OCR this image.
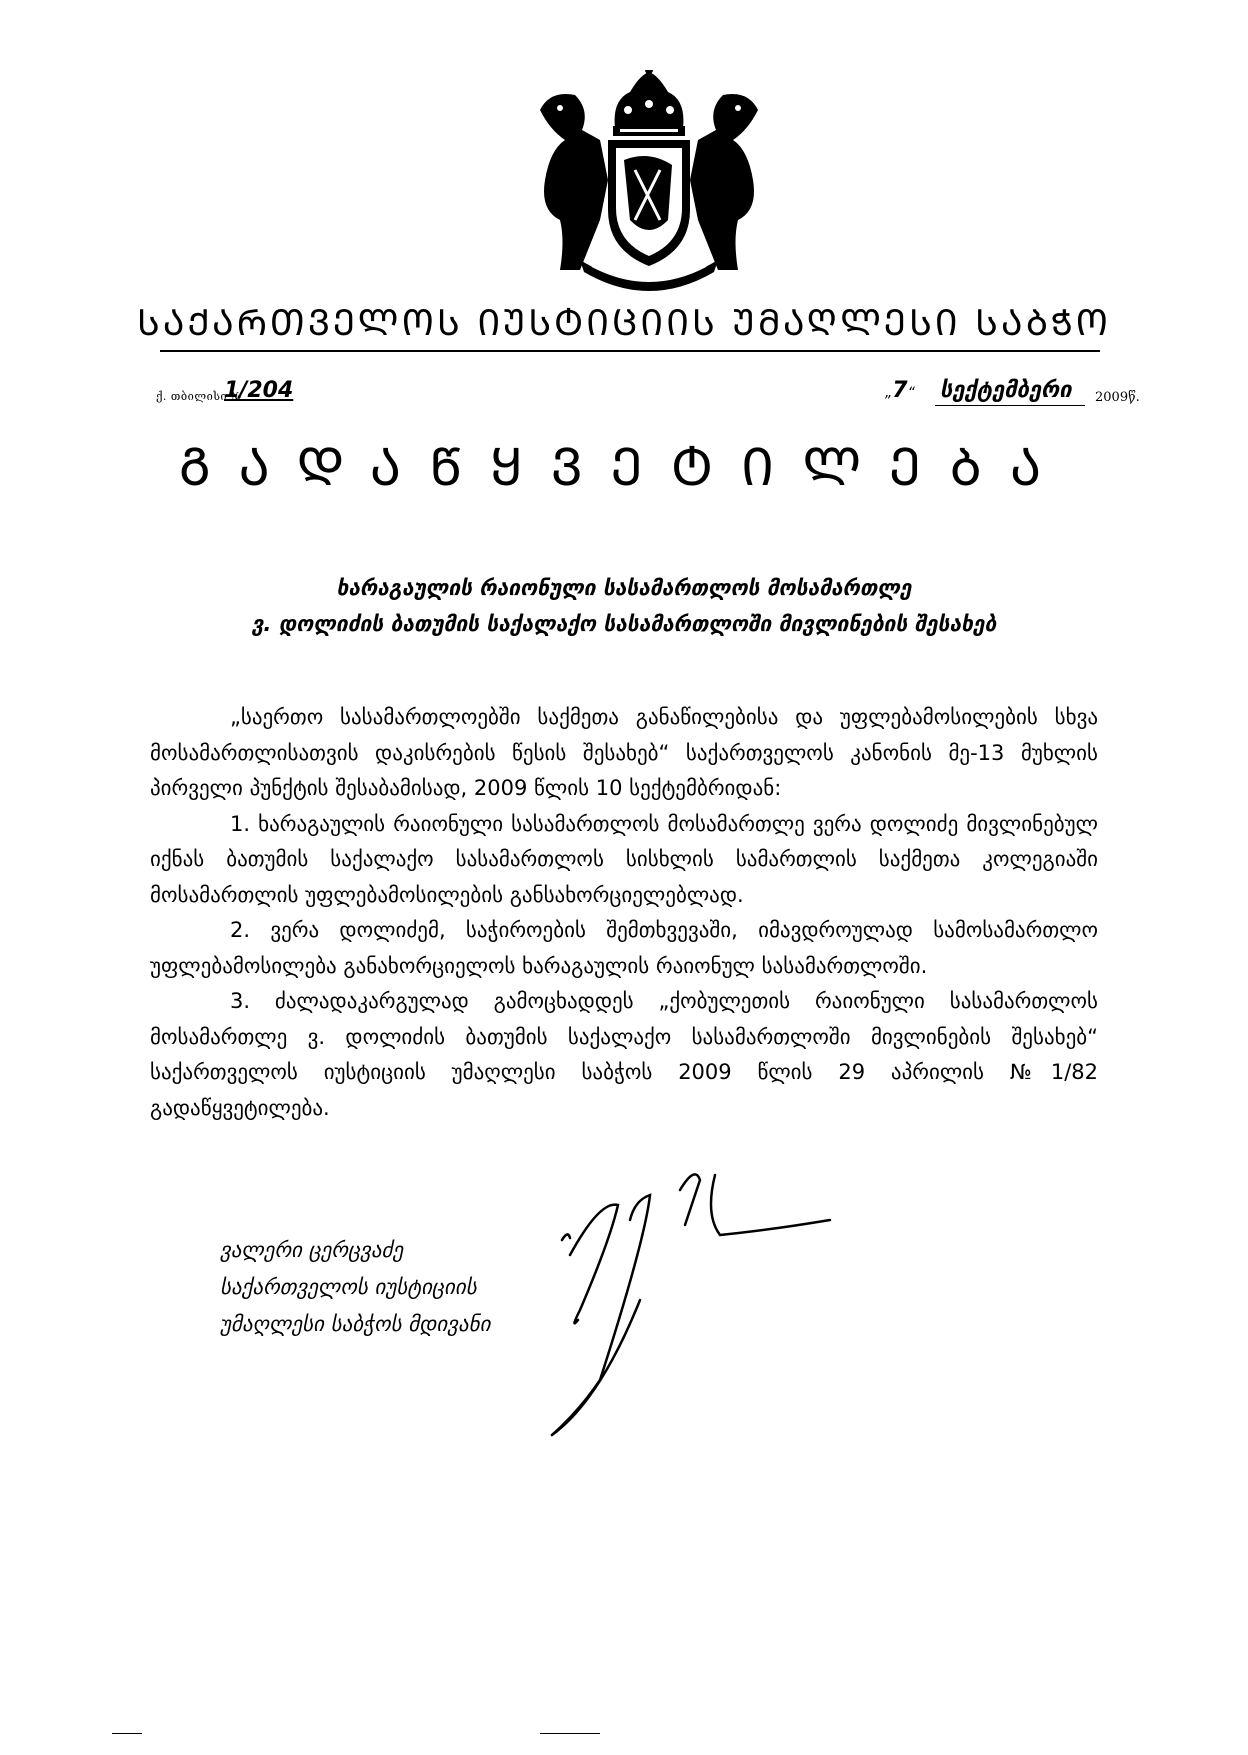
ᲡᲐᲥᲐᲠᲗᲕᲔᲚᲝᲡ ᲘᲣᲡᲢᲘᲪᲘᲘᲡ ᲣᲛᲐᲦᲚᲔᲡᲘ ᲡᲐᲑᲭᲝ
ქ. თბილისი №
1/204
„	7 “	სექტემბერი 2009წ.
ᲒᲐᲓᲐᲬᲧᲕᲔᲢᲘᲚᲔᲑᲐ
ხარაგაულის რაიონული სასამართლოს მოსამართლე
ვ. დოლიძის ბათუმის საქალაქო სასამართლოში მივლინების შესახებ

„საერთო სასამართლოებში საქმეთა განაწილებისა და უფლებამოსილების სხვა მოსამართლისათვის დაკისრების წესის შესახებ“ საქართველოს კანონის მე-13 მუხლის პირველი პუნქტის შესაბამისად, 2009 წლის 10 სექტემბრიდან:

1. ხარაგაულის რაიონული სასამართლოს მოსამართლე ვერა დოლიძე მივლინებულ იქნას ბათუმის საქალაქო სასამართლოს სისხლის სამართლის საქმეთა კოლეგიაში მოსამართლის უფლებამოსილების განსახორციელებლად.

2. ვერა დოლიძემ, საჭიროების შემთხვევაში, იმავდროულად სამოსამართლო უფლებამოსილება განახორციელოს ხარაგაულის რაიონულ სასამართლოში.

3. ძალადაკარგულად გამოცხადდეს „ქობულეთის რაიონული სასამართლოს მოსამართლე ვ. დოლიძის ბათუმის საქალაქო სასამართლოში მივლინების შესახებ“ საქართველოს იუსტიციის უმაღლესი საბჭოს 2009 წლის 29 აპრილის №1/82 გადაწყვეტილება.

ვალერი ცერცვაძე
საქართველოს იუსტიციის
უმაღლესი საბჭოს მდივანი
